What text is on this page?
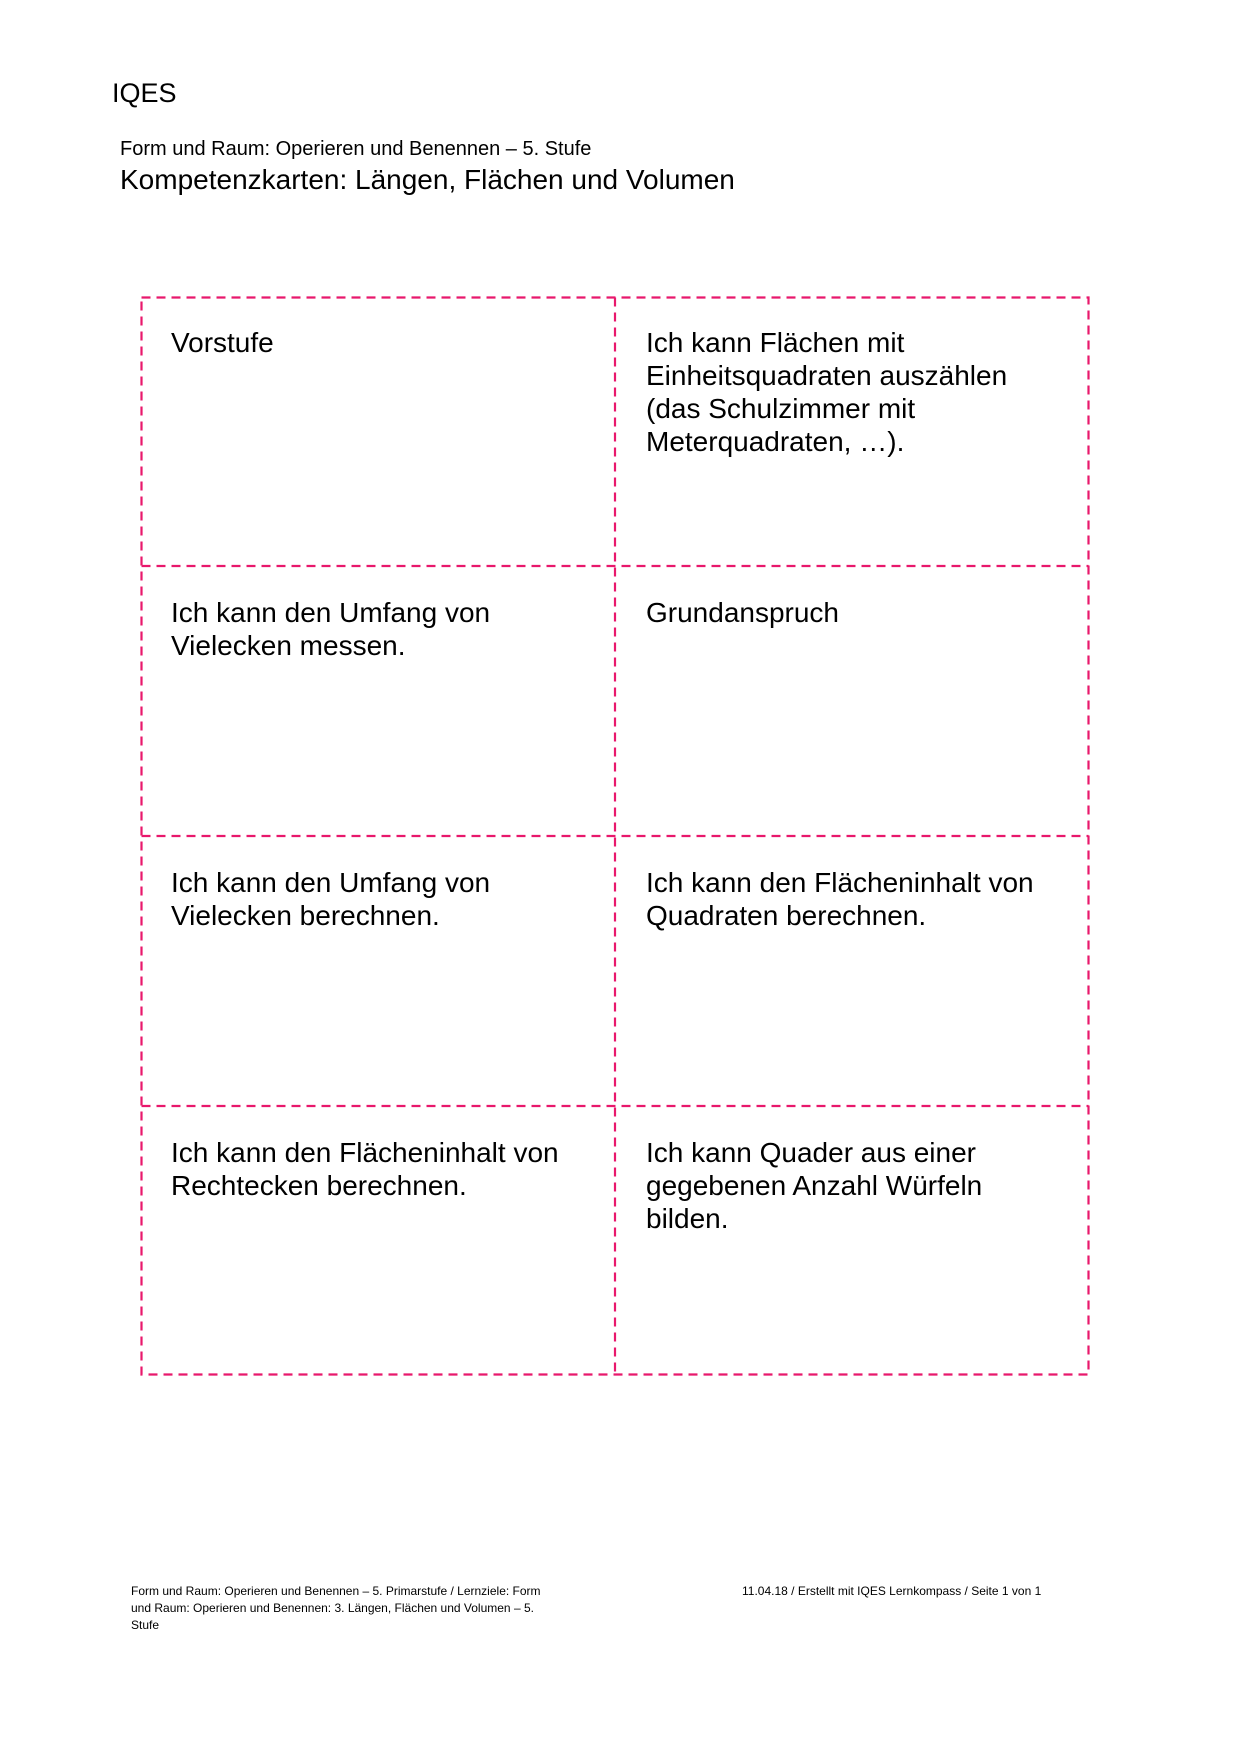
IQES
Form und Raum: Operieren und Benennen – 5. Stufe
Kompetenzkarten: Längen, Flächen und Volumen
Vorstufe	Ich kann Flächen mit
Einheitsquadraten auszählen
(das Schulzimmer mit
Meterquadraten, …).
Ich kann den Umfang von
Vielecken messen.
Grundanspruch
Ich kann den Umfang von
Vielecken berechnen.
Ich kann den Flächeninhalt von
Quadraten berechnen.
Ich kann den Flächeninhalt von
Rechtecken berechnen.
Ich kann Quader aus einer
gegebenen Anzahl Würfeln
bilden.
Form und Raum: Operieren und Benennen – 5. Primarstufe / Lernziele: Form
und Raum: Operieren und Benennen: 3. Längen, Flächen und Volumen – 5.
Stufe
11.04.18 / Erstellt mit IQES Lernkompass / Seite 1 von 1
